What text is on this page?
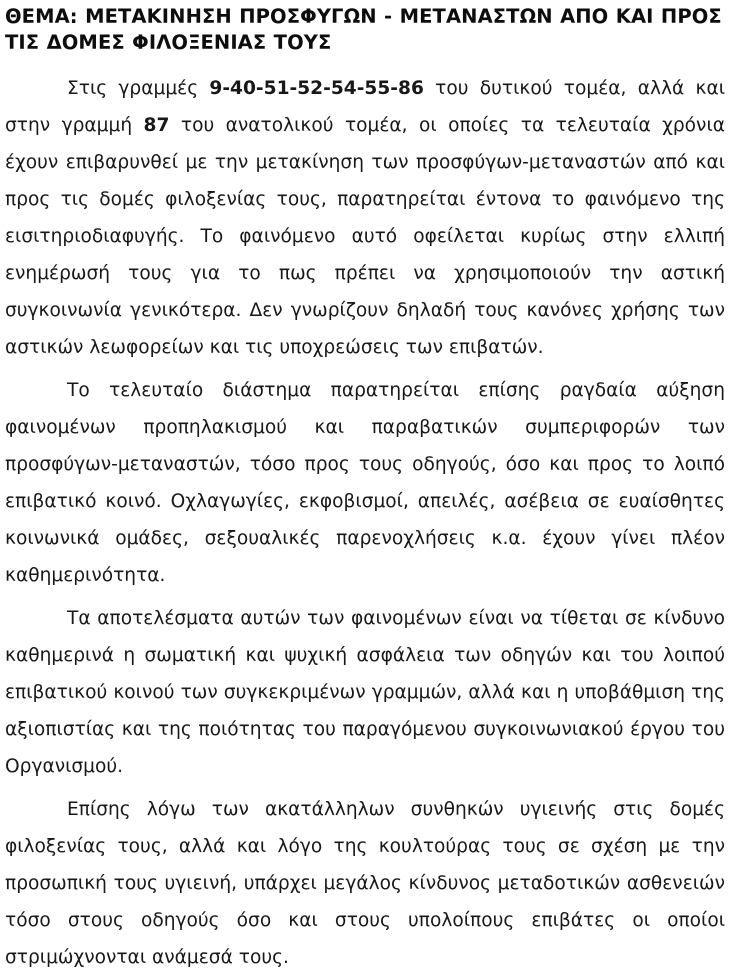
ΘΕΜΑ: ΜΕΤΑΚΙΝΗΣΗ ΠΡΟΣΦΥΓΩΝ - ΜΕΤΑΝΑΣΤΩΝ ΑΠΟ ΚΑΙ ΠΡΟΣ ΤΙΣ ΔΟΜΕΣ ΦΙΛΟΞΕΝΙΑΣ ΤΟΥΣ

Στις γραμμές 9-40-51-52-54-55-86 του δυτικού τομέα, αλλά και στην γραμμή 87 του ανατολικού τομέα, οι οποίες τα τελευταία χρόνια έχουν επιβαρυνθεί με την μετακίνηση των προσφύγων-μεταναστών από και προς τις δομές φιλοξενίας τους, παρατηρείται έντονα το φαινόμενο της εισιτηριοδιαφυγής. Το φαινόμενο αυτό οφείλεται κυρίως στην ελλιπή ενημέρωσή τους για το πως πρέπει να χρησιμοποιούν την αστική συγκοινωνία γενικότερα. Δεν γνωρίζουν δηλαδή τους κανόνες χρήσης των αστικών λεωφορείων και τις υποχρεώσεις των επιβατών.

Το τελευταίο διάστημα παρατηρείται επίσης ραγδαία αύξηση φαινομένων προπηλακισμού και παραβατικών συμπεριφορών των προσφύγων-μεταναστών, τόσο προς τους οδηγούς, όσο και προς το λοιπό επιβατικό κοινό. Οχλαγωγίες, εκφοβισμοί, απειλές, ασέβεια σε ευαίσθητες κοινωνικά ομάδες, σεξουαλικές παρενοχλήσεις κ.α. έχουν γίνει πλέον καθημερινότητα.

Τα αποτελέσματα αυτών των φαινομένων είναι να τίθεται σε κίνδυνο καθημερινά η σωματική και ψυχική ασφάλεια των οδηγών και του λοιπού επιβατικού κοινού των συγκεκριμένων γραμμών, αλλά και η υποβάθμιση της αξιοπιστίας και της ποιότητας του παραγόμενου συγκοινωνιακού έργου του Οργανισμού.

Επίσης λόγω των ακατάλληλων συνθηκών υγιεινής στις δομές φιλοξενίας τους, αλλά και λόγο της κουλτούρας τους σε σχέση με την προσωπική τους υγιεινή, υπάρχει μεγάλος κίνδυνος μεταδοτικών ασθενειών τόσο στους οδηγούς όσο και στους υπολοίπους επιβάτες οι οποίοι στριμώχνονται ανάμεσά τους.
